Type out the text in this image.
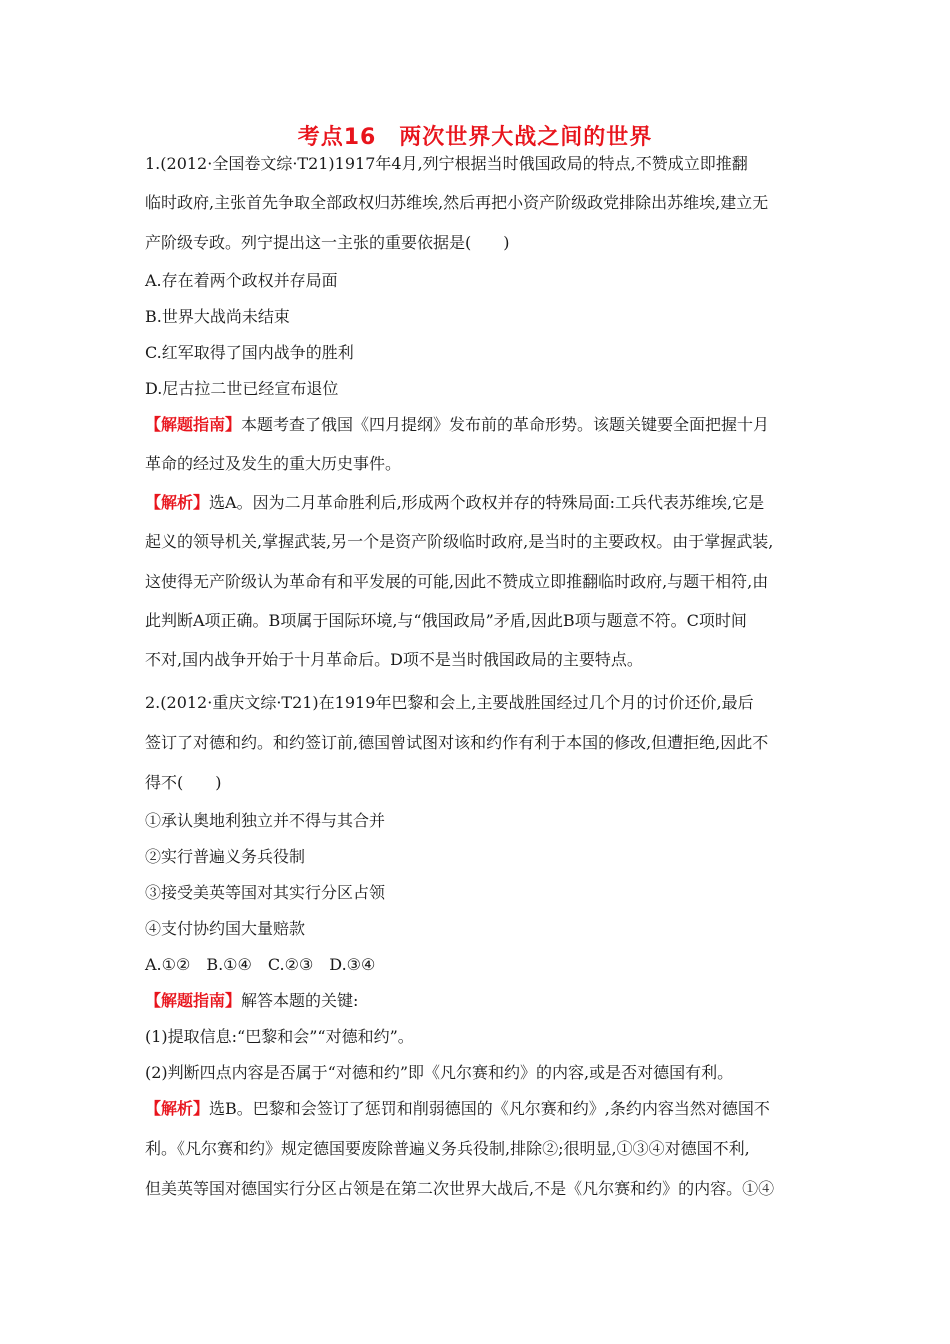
考点16　两次世界大战之间的世界
1.(2012·全国卷文综·T21)1917年4月,列宁根据当时俄国政局的特点,不赞成立即推翻
临时政府,主张首先争取全部政权归苏维埃,然后再把小资产阶级政党排除出苏维埃,建立无
产阶级专政。列宁提出这一主张的重要依据是(　　)
A.存在着两个政权并存局面
B.世界大战尚未结束
C.红军取得了国内战争的胜利
D.尼古拉二世已经宣布退位
【解题指南】本题考查了俄国《四月提纲》发布前的革命形势。该题关键要全面把握十月
革命的经过及发生的重大历史事件。
【解析】选A。因为二月革命胜利后,形成两个政权并存的特殊局面:工兵代表苏维埃,它是
起义的领导机关,掌握武装,另一个是资产阶级临时政府,是当时的主要政权。由于掌握武装,
这使得无产阶级认为革命有和平发展的可能,因此不赞成立即推翻临时政府,与题干相符,由
此判断A项正确。B项属于国际环境,与“俄国政局”矛盾,因此B项与题意不符。C项时间
不对,国内战争开始于十月革命后。D项不是当时俄国政局的主要特点。
2.(2012·重庆文综·T21)在1919年巴黎和会上,主要战胜国经过几个月的讨价还价,最后
签订了对德和约。和约签订前,德国曾试图对该和约作有利于本国的修改,但遭拒绝,因此不
得不(　　)
①承认奥地利独立并不得与其合并
②实行普遍义务兵役制
③接受美英等国对其实行分区占领
④支付协约国大量赔款
A.①②　B.①④　C.②③　D.③④
【解题指南】解答本题的关键:
(1)提取信息:“巴黎和会”“对德和约”。
(2)判断四点内容是否属于“对德和约”即《凡尔赛和约》的内容,或是否对德国有利。
【解析】选B。巴黎和会签订了惩罚和削弱德国的《凡尔赛和约》,条约内容当然对德国不
利。《凡尔赛和约》规定德国要废除普遍义务兵役制,排除②;很明显,①③④对德国不利,
但美英等国对德国实行分区占领是在第二次世界大战后,不是《凡尔赛和约》的内容。①④
